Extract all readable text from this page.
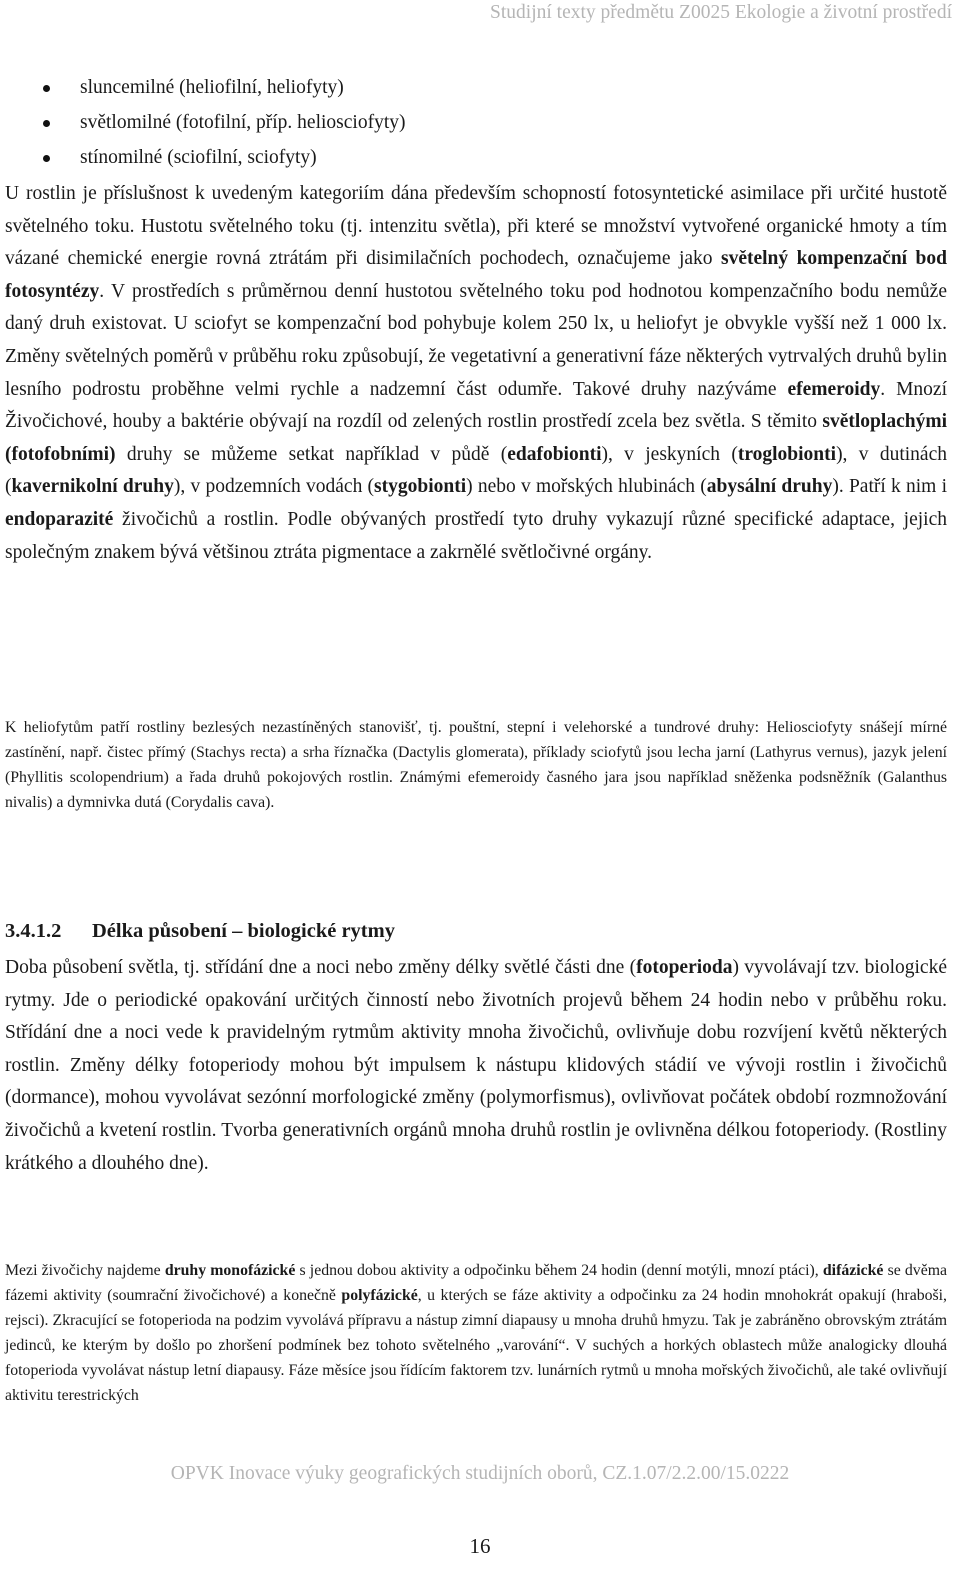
Studijní texty předmětu Z0025 Ekologie a životní prostředí
sluncemilné (heliofilní, heliofyty)
světlomilné (fotofilní, příp. heliosciofyty)
stínomilné (sciofilní, sciofyty)
U rostlin je příslušnost k uvedeným kategoriím dána především schopností fotosyntetické asimilace při určité hustotě světelného toku. Hustotu světelného toku (tj. intenzitu světla), při které se množství vytvořené organické hmoty a tím vázané chemické energie rovná ztrátám při disimilačních pochodech, označujeme jako světelný kompenzační bod fotosyntézy. V prostředích s průměrnou denní hustotou světelného toku pod hodnotou kompenzačního bodu nemůže daný druh existovat. U sciofyt se kompenzační bod pohybuje kolem 250 lx, u heliofyt je obvykle vyšší než 1 000 lx. Změny světelných poměrů v průběhu roku způsobují, že vegetativní a generativní fáze některých vytrvalých druhů bylin lesního podrostu proběhne velmi rychle a nadzemní část odumře. Takové druhy nazýváme efemeroidy. Mnozí Živočichové, houby a baktérie obývají na rozdíl od zelených rostlin prostředí zcela bez světla. S těmito světloplachými (fotofobními) druhy se můžeme setkat například v půdě (edafobionti), v jeskyních (troglobionti), v dutinách (kavernikolní druhy), v podzemních vodách (stygobionti) nebo v mořských hlubinách (abysální druhy). Patří k nim i endoparazité živočichů a rostlin. Podle obývaných prostředí tyto druhy vykazují různé specifické adaptace, jejich společným znakem bývá většinou ztráta pigmentace a zakrnělé světločivné orgány.
K heliofytům patří rostliny bezlesých nezastíněných stanovišť, tj. pouštní, stepní i velehorské a tundrové druhy: Heliosciofyty snášejí mírné zastínění, např. čistec přímý (Stachys recta) a srha říznačka (Dactylis glomerata), příklady sciofytů jsou lecha jarní (Lathyrus vernus), jazyk jelení (Phyllitis scolopendrium) a řada druhů pokojových rostlin. Známými efemeroidy časného jara jsou například sněženka podsněžník (Galanthus nivalis) a dymnivka dutá (Corydalis cava).
3.4.1.2 Délka působení – biologické rytmy
Doba působení světla, tj. střídání dne a noci nebo změny délky světlé části dne (fotoperioda) vyvolávají tzv. biologické rytmy. Jde o periodické opakování určitých činností nebo životních projevů během 24 hodin nebo v průběhu roku. Střídání dne a noci vede k pravidelným rytmům aktivity mnoha živočichů, ovlivňuje dobu rozvíjení květů některých rostlin. Změny délky fotoperiody mohou být impulsem k nástupu klidových stádií ve vývoji rostlin i živočichů (dormance), mohou vyvolávat sezónní morfologické změny (polymorfismus), ovlivňovat počátek období rozmnožování živočichů a kvetení rostlin. Tvorba generativních orgánů mnoha druhů rostlin je ovlivněna délkou fotoperiody. (Rostliny krátkého a dlouhého dne).
Mezi živočichy najdeme druhy monofázické s jednou dobou aktivity a odpočinku během 24 hodin (denní motýli, mnozí ptáci), difázické se dvěma fázemi aktivity (soumrační živočichové) a konečně polyfázické, u kterých se fáze aktivity a odpočinku za 24 hodin mnohokrát opakují (hraboši, rejsci). Zkracující se fotoperioda na podzim vyvolává přípravu a nástup zimní diapausy u mnoha druhů hmyzu. Tak je zabráněno obrovským ztrátám jedinců, ke kterým by došlo po zhoršení podmínek bez tohoto světelného „varování“. V suchých a horkých oblastech může analogicky dlouhá fotoperioda vyvolávat nástup letní diapausy. Fáze měsíce jsou řídícím faktorem tzv. lunárních rytmů u mnoha mořských živočichů, ale také ovlivňují aktivitu terestrických
OPVK Inovace výuky geografických studijních oborů, CZ.1.07/2.2.00/15.0222
16
